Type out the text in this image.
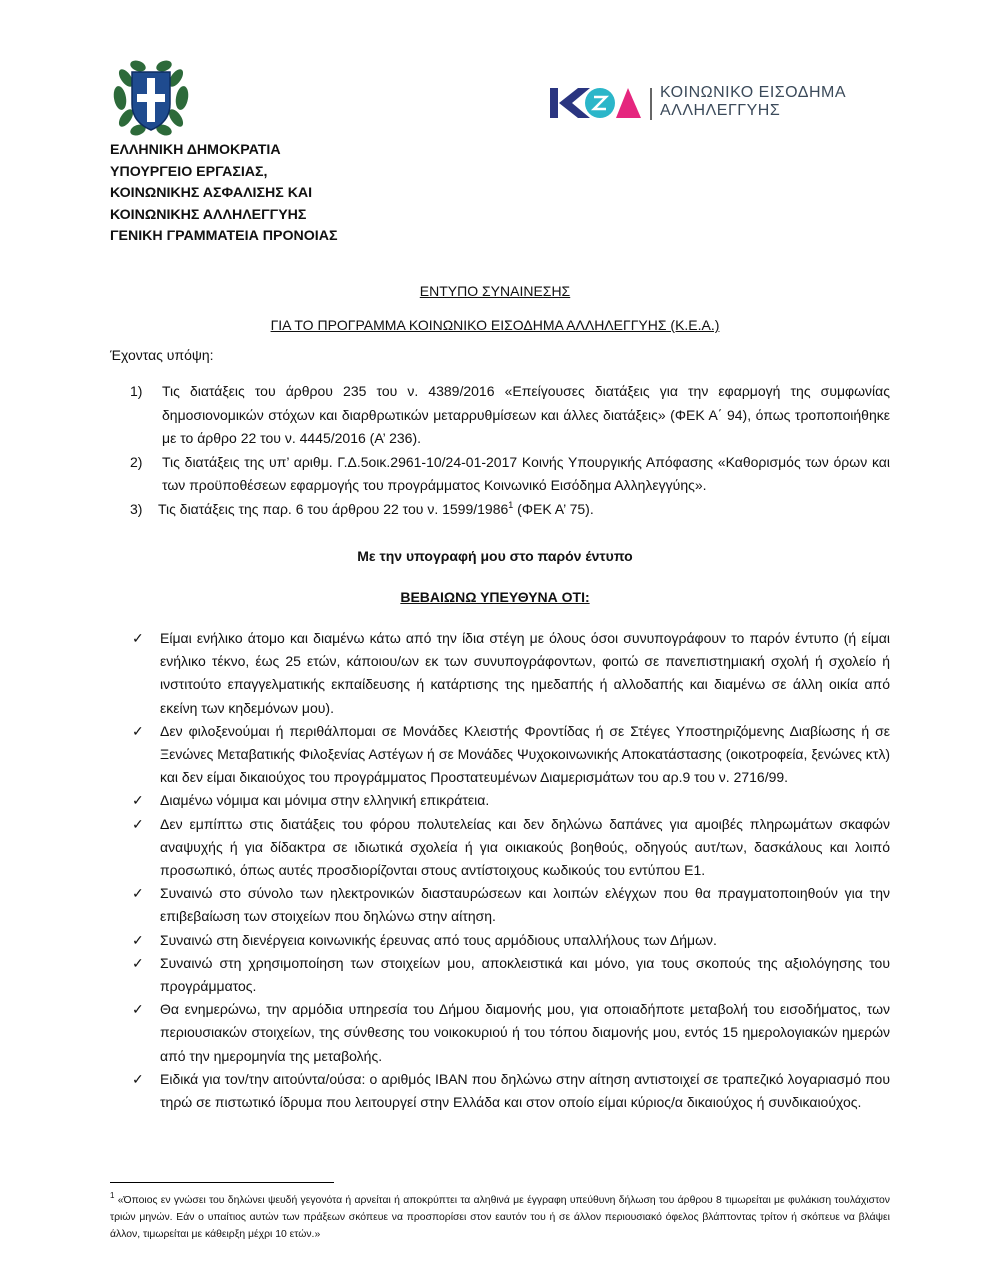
ΚΟΙΝΩΝΙΚΟ ΕΙΣΟΔΗΜΑ
ΑΛΛΗΛΕΓΓΥΗΣ
ΕΛΛΗΝΙΚΗ ΔΗΜΟΚΡΑΤΙΑ
ΥΠΟΥΡΓΕΙΟ ΕΡΓΑΣΙΑΣ,
ΚΟΙΝΩΝΙΚΗΣ ΑΣΦΑΛΙΣΗΣ ΚΑΙ
ΚΟΙΝΩΝΙΚΗΣ ΑΛΛΗΛΕΓΓΥΗΣ
ΓΕΝΙΚΗ ΓΡΑΜΜΑΤΕΙΑ ΠΡΟΝΟΙΑΣ
ΕΝΤΥΠΟ ΣΥΝΑΙΝΕΣΗΣ
ΓΙΑ ΤΟ ΠΡΟΓΡΑΜΜΑ ΚΟΙΝΩΝΙΚΟ ΕΙΣΟΔΗΜΑ ΑΛΛΗΛΕΓΓΥΗΣ (Κ.Ε.Α.)
Έχοντας υπόψη:
1) Τις διατάξεις του άρθρου 235 του ν. 4389/2016 «Επείγουσες διατάξεις για την εφαρμογή της συμφωνίας δημοσιονομικών στόχων και διαρθρωτικών μεταρρυθμίσεων και άλλες διατάξεις» (ΦΕΚ Α΄ 94), όπως τροποποιήθηκε με το άρθρο 22 του ν. 4445/2016 (Α’ 236).
2) Τις διατάξεις της υπ’ αριθμ. Γ.Δ.5οικ.2961-10/24-01-2017 Κοινής Υπουργικής Απόφασης «Καθορισμός των όρων και των προϋποθέσεων εφαρμογής του προγράμματος Κοινωνικό Εισόδημα Αλληλεγγύης».
3) Τις διατάξεις της παρ. 6 του άρθρου 22 του ν. 1599/1986$^1$ (ΦΕΚ Α’ 75).
Με την υπογραφή μου στο παρόν έντυπο
ΒΕΒΑΙΩΝΩ ΥΠΕΥΘΥΝΑ ΟΤΙ:
✓ Είμαι ενήλικο άτομο και διαμένω κάτω από την ίδια στέγη με όλους όσοι συνυπογράφουν το παρόν έντυπο (ή είμαι ενήλικο τέκνο, έως 25 ετών, κάποιου/ων εκ των συνυπογράφοντων, φοιτώ σε πανεπιστημιακή σχολή ή σχολείο ή ινστιτούτο επαγγελματικής εκπαίδευσης ή κατάρτισης της ημεδαπής ή αλλοδαπής και διαμένω σε άλλη οικία από εκείνη των κηδεμόνων μου).
✓ Δεν φιλοξενούμαι ή περιθάλπομαι σε Μονάδες Κλειστής Φροντίδας ή σε Στέγες Υποστηριζόμενης Διαβίωσης ή σε Ξενώνες Μεταβατικής Φιλοξενίας Αστέγων ή σε Μονάδες Ψυχοκοινωνικής Αποκατάστασης (οικοτροφεία, ξενώνες κτλ) και δεν είμαι δικαιούχος του προγράμματος Προστατευμένων Διαμερισμάτων του αρ.9 του ν. 2716/99.
✓ Διαμένω νόμιμα και μόνιμα στην ελληνική επικράτεια.
✓ Δεν εμπίπτω στις διατάξεις του φόρου πολυτελείας και δεν δηλώνω δαπάνες για αμοιβές πληρωμάτων σκαφών αναψυχής ή για δίδακτρα σε ιδιωτικά σχολεία ή για οικιακούς βοηθούς, οδηγούς αυτ/των, δασκάλους και λοιπό προσωπικό, όπως αυτές προσδιορίζονται στους αντίστοιχους κωδικούς του εντύπου Ε1.
✓ Συναινώ στο σύνολο των ηλεκτρονικών διασταυρώσεων και λοιπών ελέγχων που θα πραγματοποιηθούν για την επιβεβαίωση των στοιχείων που δηλώνω στην αίτηση.
✓ Συναινώ στη διενέργεια κοινωνικής έρευνας από τους αρμόδιους υπαλλήλους των Δήμων.
✓ Συναινώ στη χρησιμοποίηση των στοιχείων μου, αποκλειστικά και μόνο, για τους σκοπούς της αξιολόγησης του προγράμματος.
✓ Θα ενημερώνω, την αρμόδια υπηρεσία του Δήμου διαμονής μου, για οποιαδήποτε μεταβολή του εισοδήματος, των περιουσιακών στοιχείων, της σύνθεσης του νοικοκυριού ή του τόπου διαμονής μου, εντός 15 ημερολογιακών ημερών από την ημερομηνία της μεταβολής.
✓ Ειδικά για τον/την αιτούντα/ούσα: ο αριθμός IBAN που δηλώνω στην αίτηση αντιστοιχεί σε τραπεζικό λογαριασμό που τηρώ σε πιστωτικό ίδρυμα που λειτουργεί στην Ελλάδα και στον οποίο είμαι κύριος/α δικαιούχος ή συνδικαιούχος.
$^1$ «Όποιος εν γνώσει του δηλώνει ψευδή γεγονότα ή αρνείται ή αποκρύπτει τα αληθινά με έγγραφη υπεύθυνη δήλωση του άρθρου 8 τιμωρείται με φυλάκιση τουλάχιστον τριών μηνών. Εάν ο υπαίτιος αυτών των πράξεων σκόπευε να προσπορίσει στον εαυτόν του ή σε άλλον περιουσιακό όφελος βλάπτοντας τρίτον ή σκόπευε να βλάψει άλλον, τιμωρείται με κάθειρξη μέχρι 10 ετών.»
